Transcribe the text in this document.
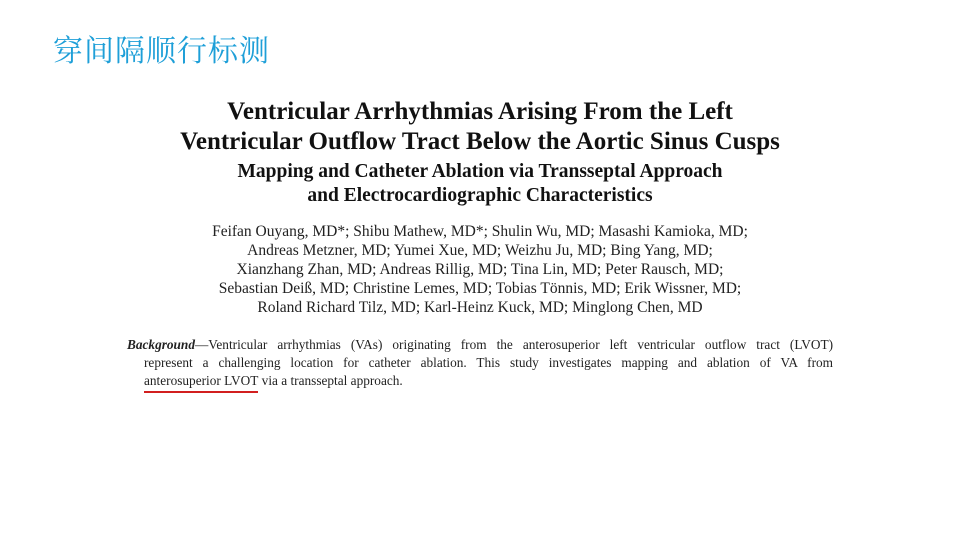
穿间隔顺行标测
Ventricular Arrhythmias Arising From the Left
Ventricular Outflow Tract Below the Aortic Sinus Cusps
Mapping and Catheter Ablation via Transseptal Approach
and Electrocardiographic Characteristics
Feifan Ouyang, MD*; Shibu Mathew, MD*; Shulin Wu, MD; Masashi Kamioka, MD;
Andreas Metzner, MD; Yumei Xue, MD; Weizhu Ju, MD; Bing Yang, MD;
Xianzhang Zhan, MD; Andreas Rillig, MD; Tina Lin, MD; Peter Rausch, MD;
Sebastian Deiß, MD; Christine Lemes, MD; Tobias Tönnis, MD; Erik Wissner, MD;
Roland Richard Tilz, MD; Karl-Heinz Kuck, MD; Minglong Chen, MD
Background—Ventricular arrhythmias (VAs) originating from the anterosuperior left ventricular outflow tract (LVOT)
represent a challenging location for catheter ablation. This study investigates mapping and ablation of VA from
anterosuperior LVOT via a transseptal approach.
